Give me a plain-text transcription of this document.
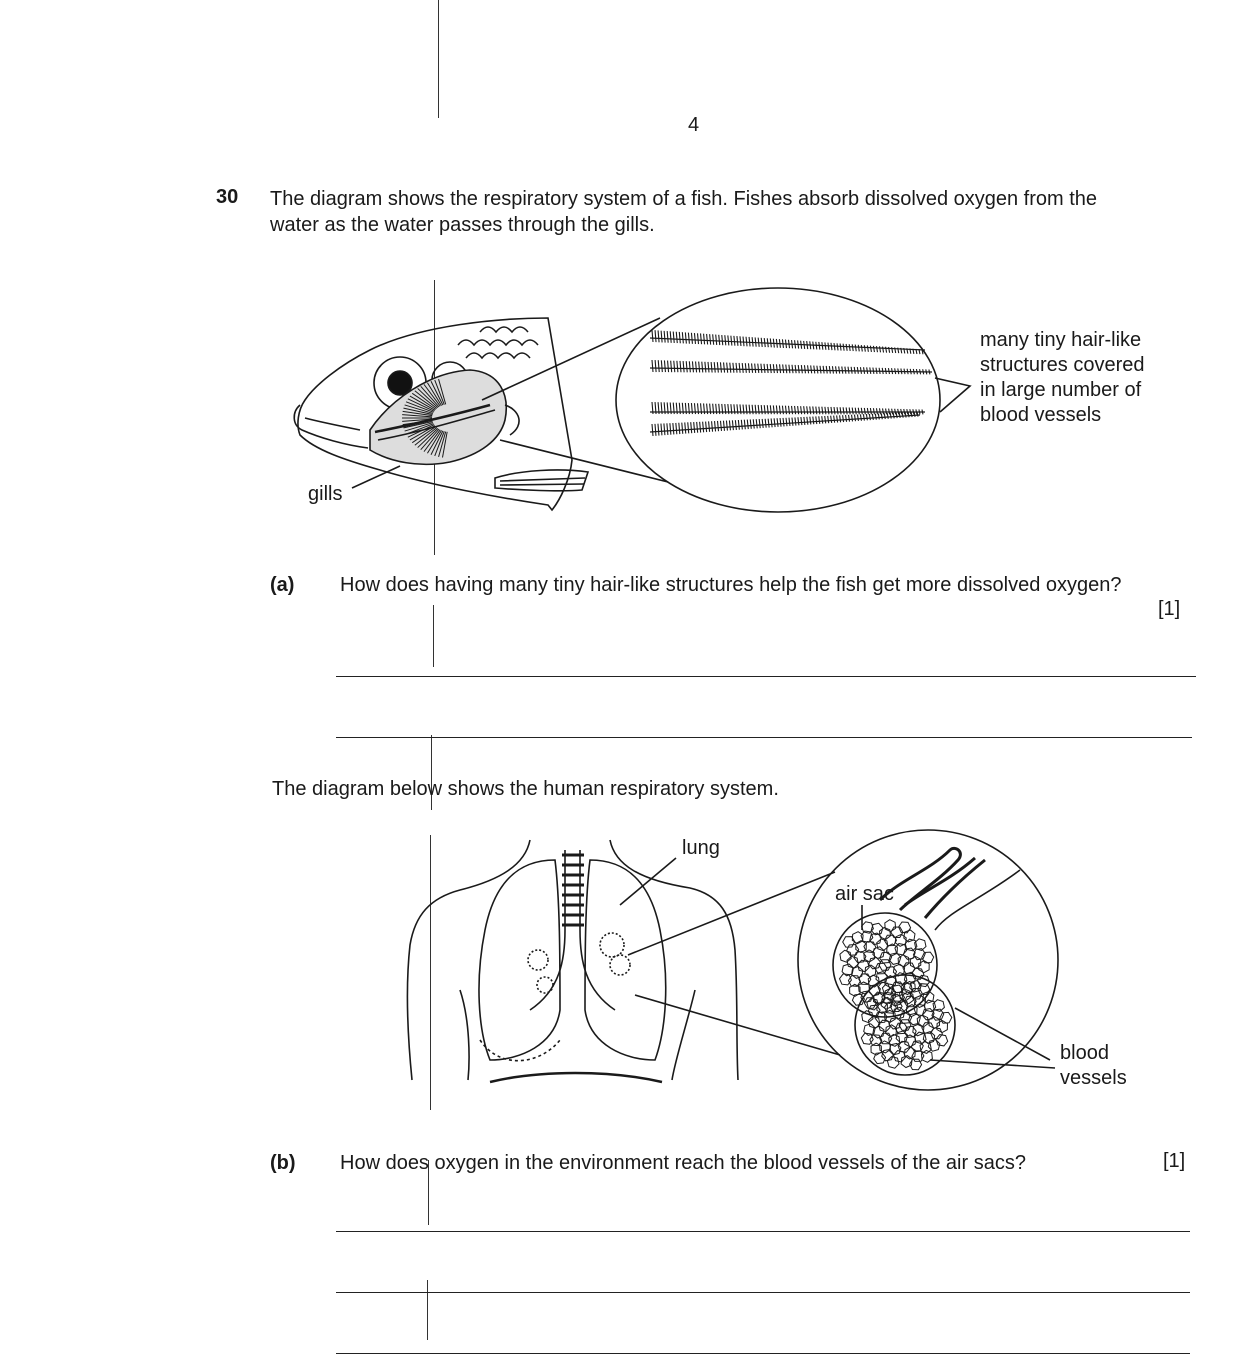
4
30 The diagram shows the respiratory system of a fish. Fishes absorb dissolved oxygen from the
water as the water passes through the gills.
gills
many tiny hair-like
structures covered
in large number of
blood vessels
(a) How does having many tiny hair-like structures help the fish get more dissolved oxygen?
[1]
The diagram below shows the human respiratory system.
lung
air sac
blood
vessels
(b) How does oxygen in the environment reach the blood vessels of the air sacs?	[1]
